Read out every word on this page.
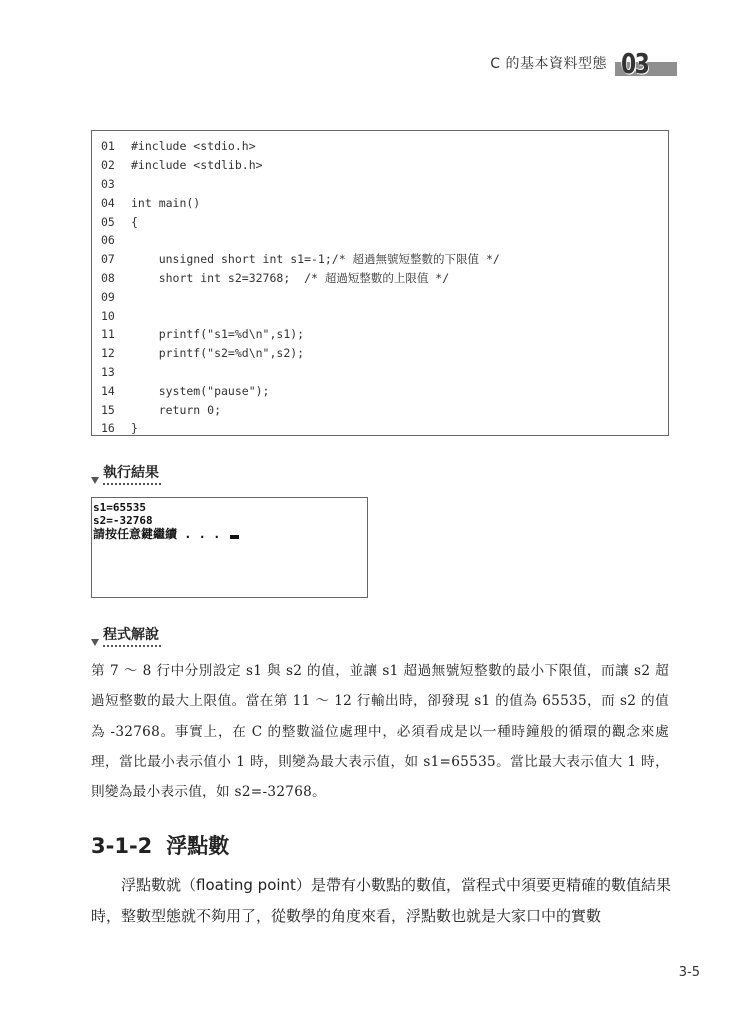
C 的基本資料型態 03
01	#include <stdio.h>
02	#include <stdlib.h>
03
04	int main()
05	{
06
07	unsigned short int s1=-1;/* 超過無號短整數的下限值 */
08	short int s2=32768;  /* 超過短整數的上限值 */
09
10
11	printf("s1=%d\n",s1);
12	printf("s2=%d\n",s2);
13
14	system("pause");
15	return 0;
16	}
執行結果
s1=65535
s2=-32768
請按任意鍵繼續 . . .
程式解說

第 7 ～ 8 行中分別設定 s1 與 s2 的值，並讓 s1 超過無號短整數的最小下限值，而讓 s2 超過短整數的最大上限值。當在第 11 ～ 12 行輸出時，卻發現 s1 的值為 65535，而 s2 的值為 -32768。事實上，在 C 的整數溢位處理中，必須看成是以一種時鐘般的循環的觀念來處理，當比最小表示值小 1 時，則變為最大表示值，如 s1=65535。當比最大表示值大 1 時，則變為最小表示值，如 s2=-32768。

3-1-2 浮點數

浮點數就（floating point）是帶有小數點的數值，當程式中須要更精確的數值結果時，整數型態就不夠用了，從數學的角度來看，浮點數也就是大家口中的實數

3-5
